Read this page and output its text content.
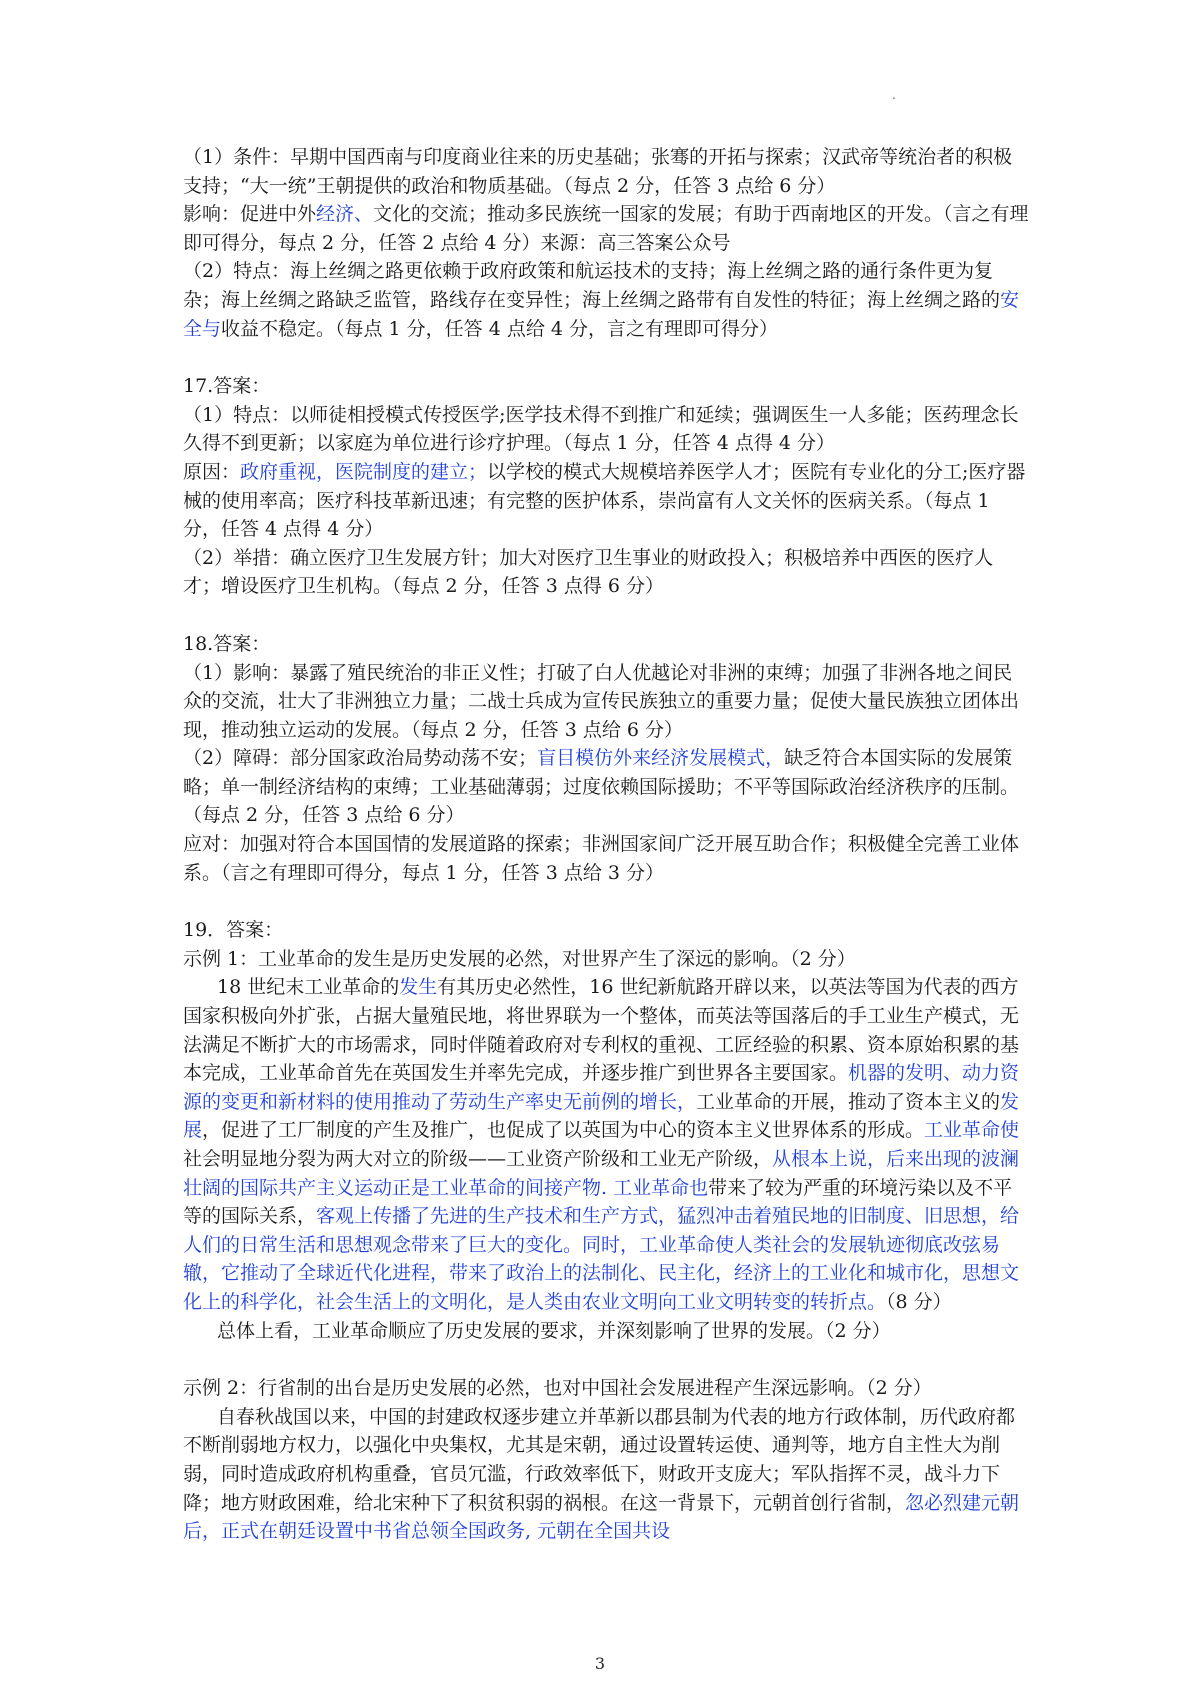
.

（1）条件：早期中国西南与印度商业往来的历史基础；张骞的开拓与探索；汉武帝等统治者的积极支持；“大一统”王朝提供的政治和物质基础。（每点 2 分，任答 3 点给 6 分）

影响：促进中外经济、文化的交流；推动多民族统一国家的发展；有助于西南地区的开发。（言之有理即可得分，每点 2 分，任答 2 点给 4 分）来源：高三答案公众号

（2）特点：海上丝绸之路更依赖于政府政策和航运技术的支持；海上丝绸之路的通行条件更为复杂；海上丝绸之路缺乏监管，路线存在变异性；海上丝绸之路带有自发性的特征；海上丝绸之路的安全与收益不稳定。（每点 1 分，任答 4 点给 4 分，言之有理即可得分）

17.答案：

（1）特点：以师徒相授模式传授医学;医学技术得不到推广和延续；强调医生一人多能；医药理念长久得不到更新；以家庭为单位进行诊疗护理。（每点 1 分，任答 4 点得 4 分）

原因：政府重视，医院制度的建立；以学校的模式大规模培养医学人才；医院有专业化的分工;医疗器械的使用率高；医疗科技革新迅速；有完整的医护体系，崇尚富有人文关怀的医病关系。（每点 1 分，任答 4 点得 4 分）

（2）举措：确立医疗卫生发展方针；加大对医疗卫生事业的财政投入；积极培养中西医的医疗人才；增设医疗卫生机构。（每点 2 分，任答 3 点得 6 分）

18.答案：

（1）影响：暴露了殖民统治的非正义性；打破了白人优越论对非洲的束缚；加强了非洲各地之间民众的交流，壮大了非洲独立力量；二战士兵成为宣传民族独立的重要力量；促使大量民族独立团体出现，推动独立运动的发展。（每点 2 分，任答 3 点给 6 分）

（2）障碍：部分国家政治局势动荡不安；盲目模仿外来经济发展模式，缺乏符合本国实际的发展策略；单一制经济结构的束缚；工业基础薄弱；过度依赖国际援助；不平等国际政治经济秩序的压制。（每点 2 分，任答 3 点给 6 分）

应对：加强对符合本国国情的发展道路的探索；非洲国家间广泛开展互助合作；积极健全完善工业体系。（言之有理即可得分，每点 1 分，任答 3 点给 3 分）

19．答案：

示例 1：工业革命的发生是历史发展的必然，对世界产生了深远的影响。（2 分）

18 世纪末工业革命的发生有其历史必然性，16 世纪新航路开辟以来，以英法等国为代表的西方国家积极向外扩张，占据大量殖民地，将世界联为一个整体，而英法等国落后的手工业生产模式，无法满足不断扩大的市场需求，同时伴随着政府对专利权的重视、工匠经验的积累、资本原始积累的基本完成，工业革命首先在英国发生并率先完成，并逐步推广到世界各主要国家。机器的发明、动力资源的变更和新材料的使用推动了劳动生产率史无前例的增长，工业革命的开展，推动了资本主义的发展，促进了工厂制度的产生及推广，也促成了以英国为中心的资本主义世界体系的形成。工业革命使社会明显地分裂为两大对立的阶级——工业资产阶级和工业无产阶级，从根本上说，后来出现的波澜壮阔的国际共产主义运动正是工业革命的间接产物. 工业革命也带来了较为严重的环境污染以及不平等的国际关系，客观上传播了先进的生产技术和生产方式，猛烈冲击着殖民地的旧制度、旧思想，给人们的日常生活和思想观念带来了巨大的变化。同时，工业革命使人类社会的发展轨迹彻底改弦易辙，它推动了全球近代化进程，带来了政治上的法制化、民主化，经济上的工业化和城市化，思想文化上的科学化，社会生活上的文明化，是人类由农业文明向工业文明转变的转折点。（8 分）

总体上看，工业革命顺应了历史发展的要求，并深刻影响了世界的发展。（2 分）

示例 2：行省制的出台是历史发展的必然，也对中国社会发展进程产生深远影响。（2 分）

自春秋战国以来，中国的封建政权逐步建立并革新以郡县制为代表的地方行政体制，历代政府都不断削弱地方权力，以强化中央集权，尤其是宋朝，通过设置转运使、通判等，地方自主性大为削弱，同时造成政府机构重叠，官员冗滥，行政效率低下，财政开支庞大；军队指挥不灵，战斗力下降；地方财政困难，给北宋种下了积贫积弱的祸根。在这一背景下，元朝首创行省制，忽必烈建元朝后，正式在朝廷设置中书省总领全国政务, 元朝在全国共设

3
